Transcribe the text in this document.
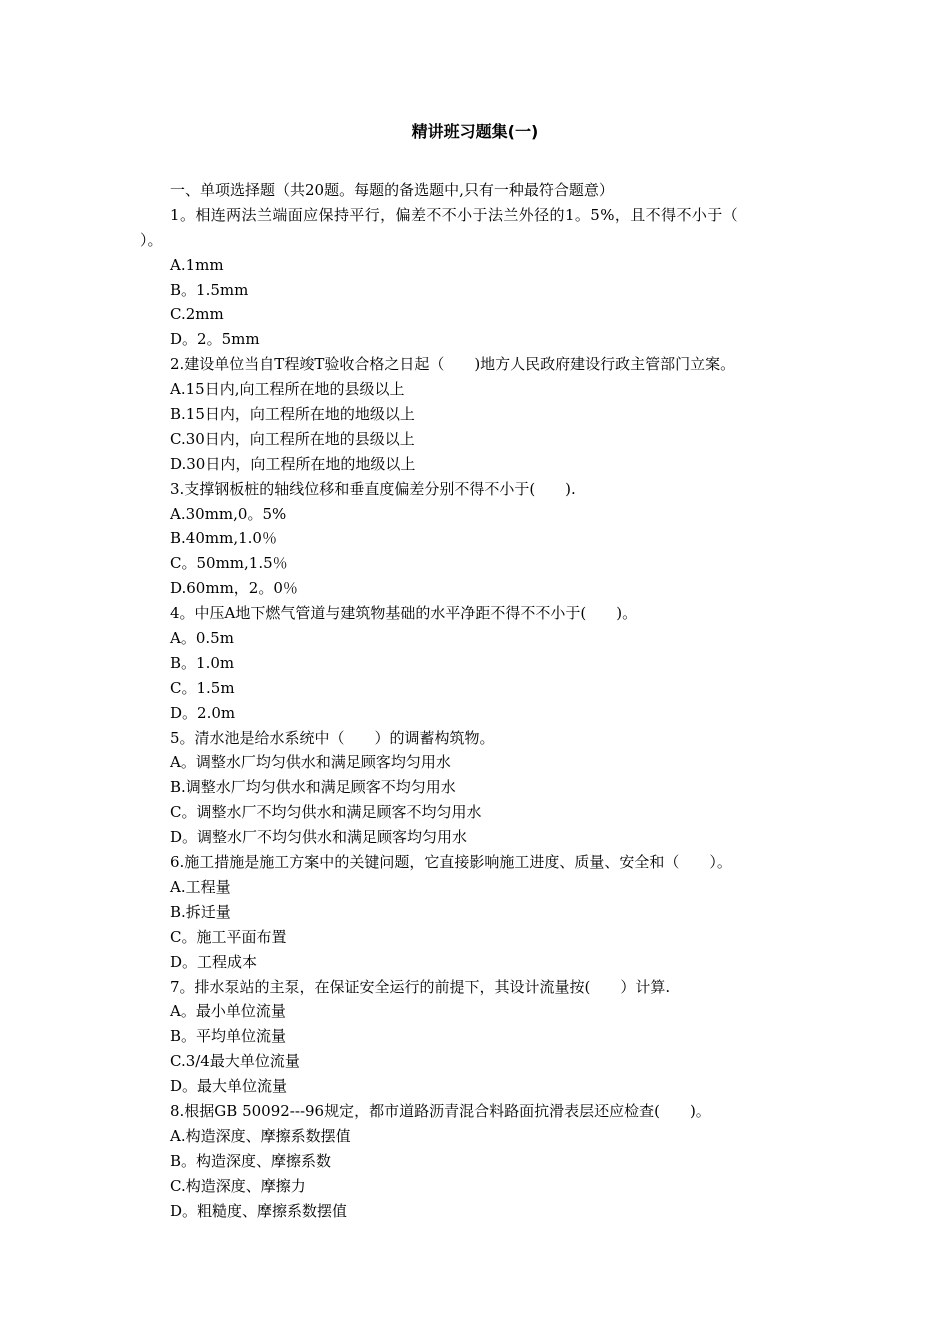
精讲班习题集(一)
一、单项选择题（共20题。每题的备选题中,只有一种最符合题意）
1。相连两法兰端面应保持平行，偏差不不小于法兰外径的1。5%，且不得不小于（
）。
A.1mm
B。1.5mm
C.2mm
D。2。5mm
2.建设单位当自T程竣T验收合格之日起（　　)地方人民政府建设行政主管部门立案。
A.15日内,向工程所在地的县级以上
B.15日内，向工程所在地的地级以上
C.30日内，向工程所在地的县级以上
D.30日内，向工程所在地的地级以上
3.支撑钢板桩的轴线位移和垂直度偏差分别不得不小于(　　).　
A.30mm,0。5%
B.40mm,1.0％
C。50mm,1.5％
D.60mm，2。0％
4。中压A地下燃气管道与建筑物基础的水平净距不得不不小于(　　)。
A。0.5m
B。1.0m
C。1.5m
D。2.0m
5。清水池是给水系统中（　　）的调蓄构筑物。
A。调整水厂均匀供水和满足顾客均匀用水
B.调整水厂均匀供水和满足顾客不均匀用水
C。调整水厂不均匀供水和满足顾客不均匀用水
D。调整水厂不均匀供水和满足顾客均匀用水
6.施工措施是施工方案中的关键问题，它直接影响施工进度、质量、安全和（　　）。
A.工程量
B.拆迁量
C。施工平面布置
D。工程成本
7。排水泵站的主泵，在保证安全运行的前提下，其设计流量按(　　）计算.
A。最小单位流量
B。平均单位流量
C.3/4最大单位流量
D。最大单位流量
8.根据GB 50092---96规定，都市道路沥青混合料路面抗滑表层还应检查(　　)。
A.构造深度、摩擦系数摆值
B。构造深度、摩擦系数
C.构造深度、摩擦力
D。粗糙度、摩擦系数摆值
